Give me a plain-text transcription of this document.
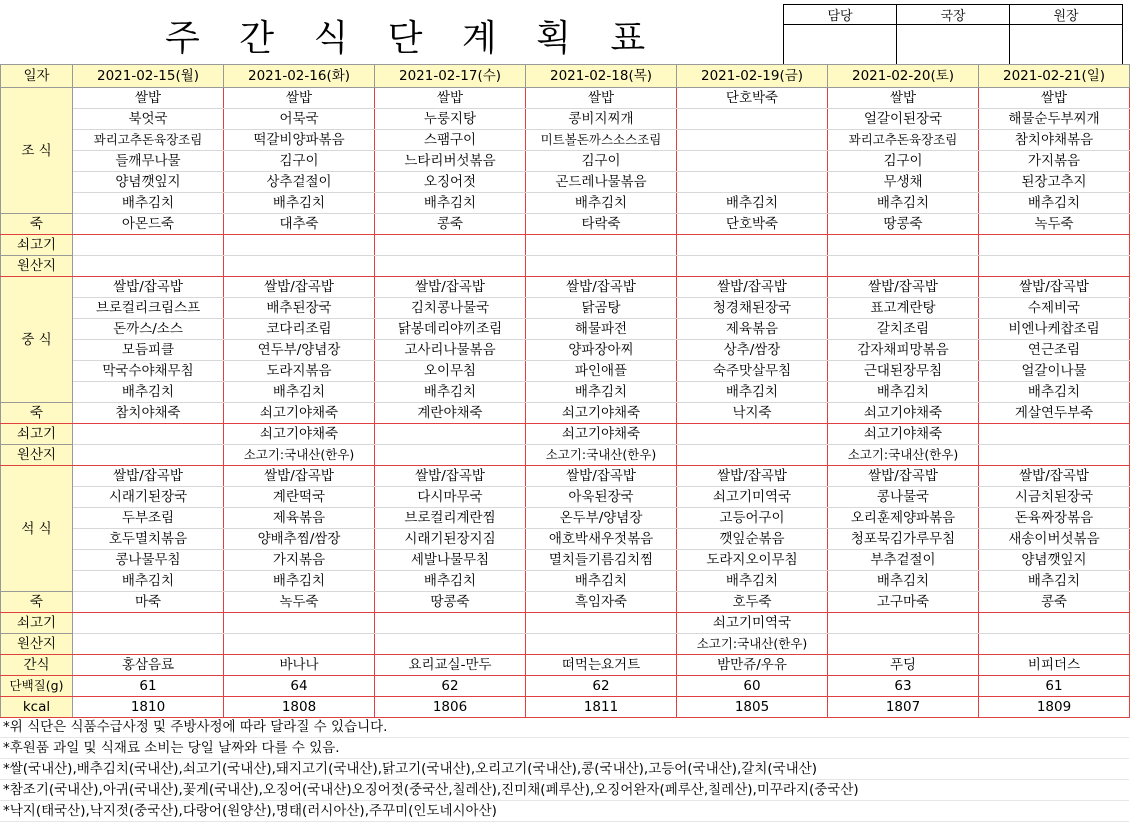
주 간 식 단 계 획 표
담당	국장	원장

일자	2021-02-15(월)	2021-02-16(화)	2021-02-17(수)	2021-02-18(목)	2021-02-19(금)	2021-02-20(토)	2021-02-21(일)
조 식	쌀밥	쌀밥	쌀밥	쌀밥	단호박죽	쌀밥	쌀밥
	북엇국	어묵국	누룽지탕	콩비지찌개		얼갈이된장국	해물순두부찌개
	꽈리고추돈육장조림	떡갈비양파볶음	스팸구이	미트볼돈까스소스조림		꽈리고추돈육장조림	참치야채볶음
	들깨무나물	김구이	느타리버섯볶음	김구이		김구이	가지볶음
	양념깻잎지	상추겉절이	오징어젓	곤드레나물볶음		무생채	된장고추지
	배추김치	배추김치	배추김치	배추김치	배추김치	배추김치	배추김치
죽	아몬드죽	대추죽	콩죽	타락죽	단호박죽	땅콩죽	녹두죽
쇠고기							
원산지							
중 식	쌀밥/잡곡밥	쌀밥/잡곡밥	쌀밥/잡곡밥	쌀밥/잡곡밥	쌀밥/잡곡밥	쌀밥/잡곡밥	쌀밥/잡곡밥
	브로컬리크림스프	배추된장국	김치콩나물국	닭곰탕	청경채된장국	표고계란탕	수제비국
	돈까스/소스	코다리조림	닭봉데리야끼조림	해물파전	제육볶음	갈치조림	비엔나케찹조림
	모듬피클	연두부/양념장	고사리나물볶음	양파장아찌	상추/쌈장	감자채피망볶음	연근조림
	막국수야채무침	도라지볶음	오이무침	파인애플	숙주맛살무침	근대된장무침	얼갈이나물
	배추김치	배추김치	배추김치	배추김치	배추김치	배추김치	배추김치
죽	참치야채죽	쇠고기야채죽	계란야채죽	쇠고기야채죽	낙지죽	쇠고기야채죽	게살연두부죽
쇠고기		쇠고기야채죽		쇠고기야채죽		쇠고기야채죽	
원산지		소고기:국내산(한우)		소고기:국내산(한우)		소고기:국내산(한우)	
석 식	쌀밥/잡곡밥	쌀밥/잡곡밥	쌀밥/잡곡밥	쌀밥/잡곡밥	쌀밥/잡곡밥	쌀밥/잡곡밥	쌀밥/잡곡밥
	시래기된장국	계란떡국	다시마무국	아욱된장국	쇠고기미역국	콩나물국	시금치된장국
	두부조림	제육볶음	브로컬리계란찜	온두부/양념장	고등어구이	오리훈제양파볶음	돈육짜장볶음
	호두멸치볶음	양배추찜/쌈장	시래기된장지짐	애호박새우젓볶음	깻잎순볶음	청포묵김가루무침	새송이버섯볶음
	콩나물무침	가지볶음	세발나물무침	멸치들기름김치찜	도라지오이무침	부추겉절이	양념깻잎지
	배추김치	배추김치	배추김치	배추김치	배추김치	배추김치	배추김치
죽	마죽	녹두죽	땅콩죽	흑임자죽	호두죽	고구마죽	콩죽
쇠고기					쇠고기미역국		
원산지					소고기:국내산(한우)		
간식	홍삼음료	바나나	요리교실-만두	떠먹는요거트	밤만쥬/우유	푸딩	비피더스
단백질(g)	61	64	62	62	60	63	61
kcal	1810	1808	1806	1811	1805	1807	1809
*위 식단은 식품수급사정 및 주방사정에 따라 달라질 수 있습니다.
*후원품 과일 및 식재료 소비는 당일 날짜와 다를 수 있음.
*쌀(국내산),배추김치(국내산),쇠고기(국내산),돼지고기(국내산),닭고기(국내산),오리고기(국내산),콩(국내산),고등어(국내산),갈치(국내산)
*참조기(국내산),아귀(국내산),꽃게(국내산),오징어(국내산)오징어젓(중국산,칠레산),진미채(페루산),오징어완자(페루산,칠레산),미꾸라지(중국산)
*낙지(태국산),낙지젓(중국산),다랑어(원양산),명태(러시아산),주꾸미(인도네시아산)
